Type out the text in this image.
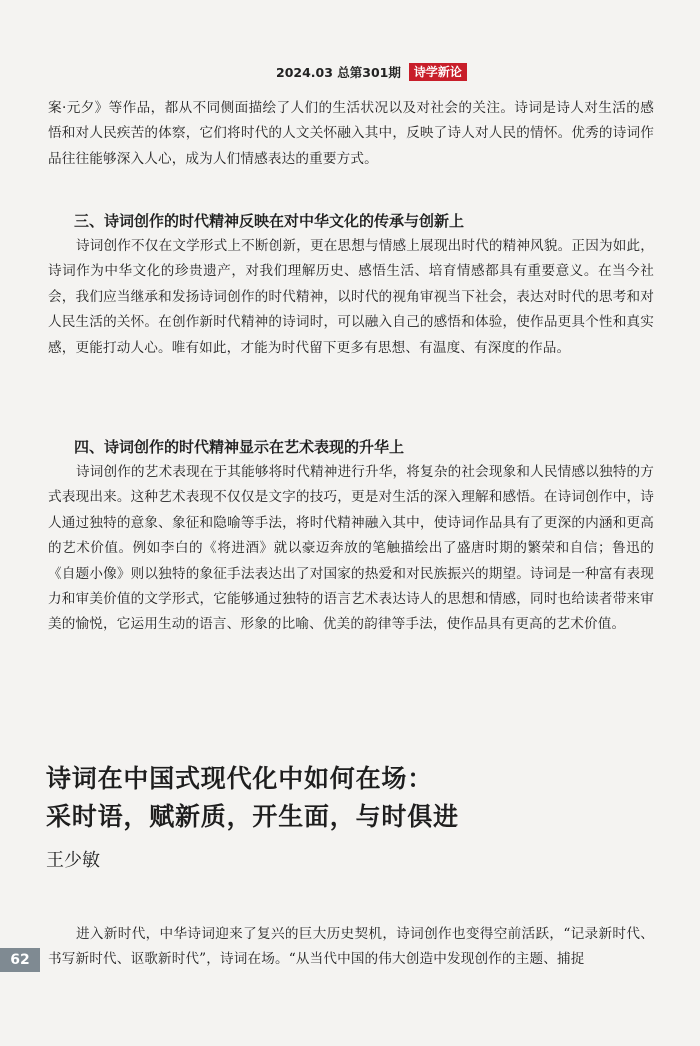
2024.03 总第301期	诗学新论

案·元夕》等作品，都从不同侧面描绘了人们的生活状况以及对社会的关注。诗词是诗人对生活的感悟和对人民疾苦的体察，它们将时代的人文关怀融入其中，反映了诗人对人民的情怀。优秀的诗词作品往往能够深入人心，成为人们情感表达的重要方式。

三、诗词创作的时代精神反映在对中华文化的传承与创新上

诗词创作不仅在文学形式上不断创新，更在思想与情感上展现出时代的精神风貌。正因为如此，诗词作为中华文化的珍贵遗产，对我们理解历史、感悟生活、培育情感都具有重要意义。在当今社会，我们应当继承和发扬诗词创作的时代精神，以时代的视角审视当下社会，表达对时代的思考和对人民生活的关怀。在创作新时代精神的诗词时，可以融入自己的感悟和体验，使作品更具个性和真实感，更能打动人心。唯有如此，才能为时代留下更多有思想、有温度、有深度的作品。

四、诗词创作的时代精神显示在艺术表现的升华上

诗词创作的艺术表现在于其能够将时代精神进行升华，将复杂的社会现象和人民情感以独特的方式表现出来。这种艺术表现不仅仅是文字的技巧，更是对生活的深入理解和感悟。在诗词创作中，诗人通过独特的意象、象征和隐喻等手法，将时代精神融入其中，使诗词作品具有了更深的内涵和更高的艺术价值。例如李白的《将进酒》就以豪迈奔放的笔触描绘出了盛唐时期的繁荣和自信；鲁迅的《自题小像》则以独特的象征手法表达出了对国家的热爱和对民族振兴的期望。诗词是一种富有表现力和审美价值的文学形式，它能够通过独特的语言艺术表达诗人的思想和情感，同时也给读者带来审美的愉悦，它运用生动的语言、形象的比喻、优美的韵律等手法，使作品具有更高的艺术价值。

诗词在中国式现代化中如何在场：
采时语，赋新质，开生面，与时俱进
王少敏

进入新时代，中华诗词迎来了复兴的巨大历史契机，诗词创作也变得空前活跃，“记录新时代、书写新时代、讴歌新时代”，诗词在场。“从当代中国的伟大创造中发现创作的主题、捕捉

62
